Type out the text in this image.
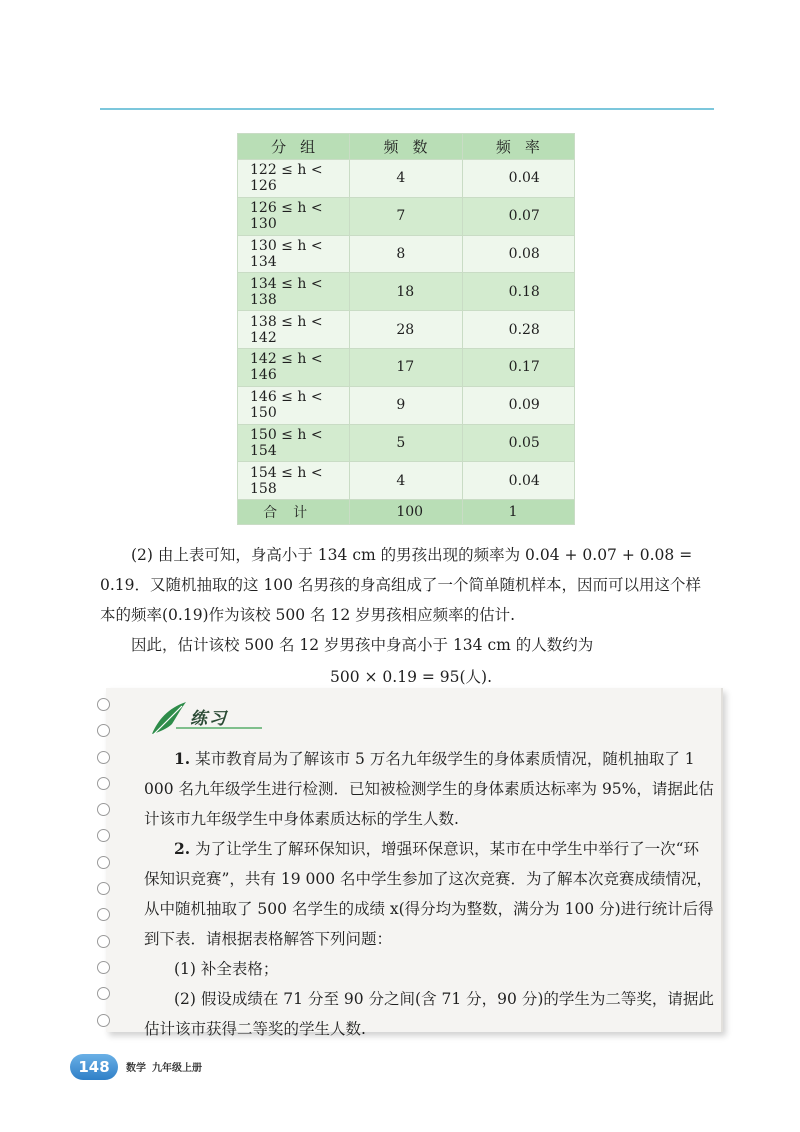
分组	频数	频率
122 ≤ h < 126	4	0.04
126 ≤ h < 130	7	0.07
130 ≤ h < 134	8	0.08
134 ≤ h < 138	18	0.18
138 ≤ h < 142	28	0.28
142 ≤ h < 146	17	0.17
146 ≤ h < 150	9	0.09
150 ≤ h < 154	5	0.05
154 ≤ h < 158	4	0.04
合计	100	1
(2) 由上表可知，身高小于 134 cm 的男孩出现的频率为 0.04 + 0.07 + 0.08 = 0.19．又随机抽取的这 100 名男孩的身高组成了一个简单随机样本，因而可以用这个样本的频率(0.19)作为该校 500 名 12 岁男孩相应频率的估计.
因此，估计该校 500 名 12 岁男孩中身高小于 134 cm 的人数约为
500 × 0.19 = 95(人).
练习
1. 某市教育局为了解该市 5 万名九年级学生的身体素质情况，随机抽取了 1 000 名九年级学生进行检测．已知被检测学生的身体素质达标率为 95%，请据此估计该市九年级学生中身体素质达标的学生人数.
2. 为了让学生了解环保知识，增强环保意识，某市在中学生中举行了一次“环保知识竞赛”，共有 19 000 名中学生参加了这次竞赛．为了解本次竞赛成绩情况，从中随机抽取了 500 名学生的成绩 x(得分均为整数，满分为 100 分)进行统计后得到下表．请根据表格解答下列问题：
(1) 补全表格；
(2) 假设成绩在 71 分至 90 分之间(含 71 分，90 分)的学生为二等奖，请据此估计该市获得二等奖的学生人数.
148	数学 九年级上册
